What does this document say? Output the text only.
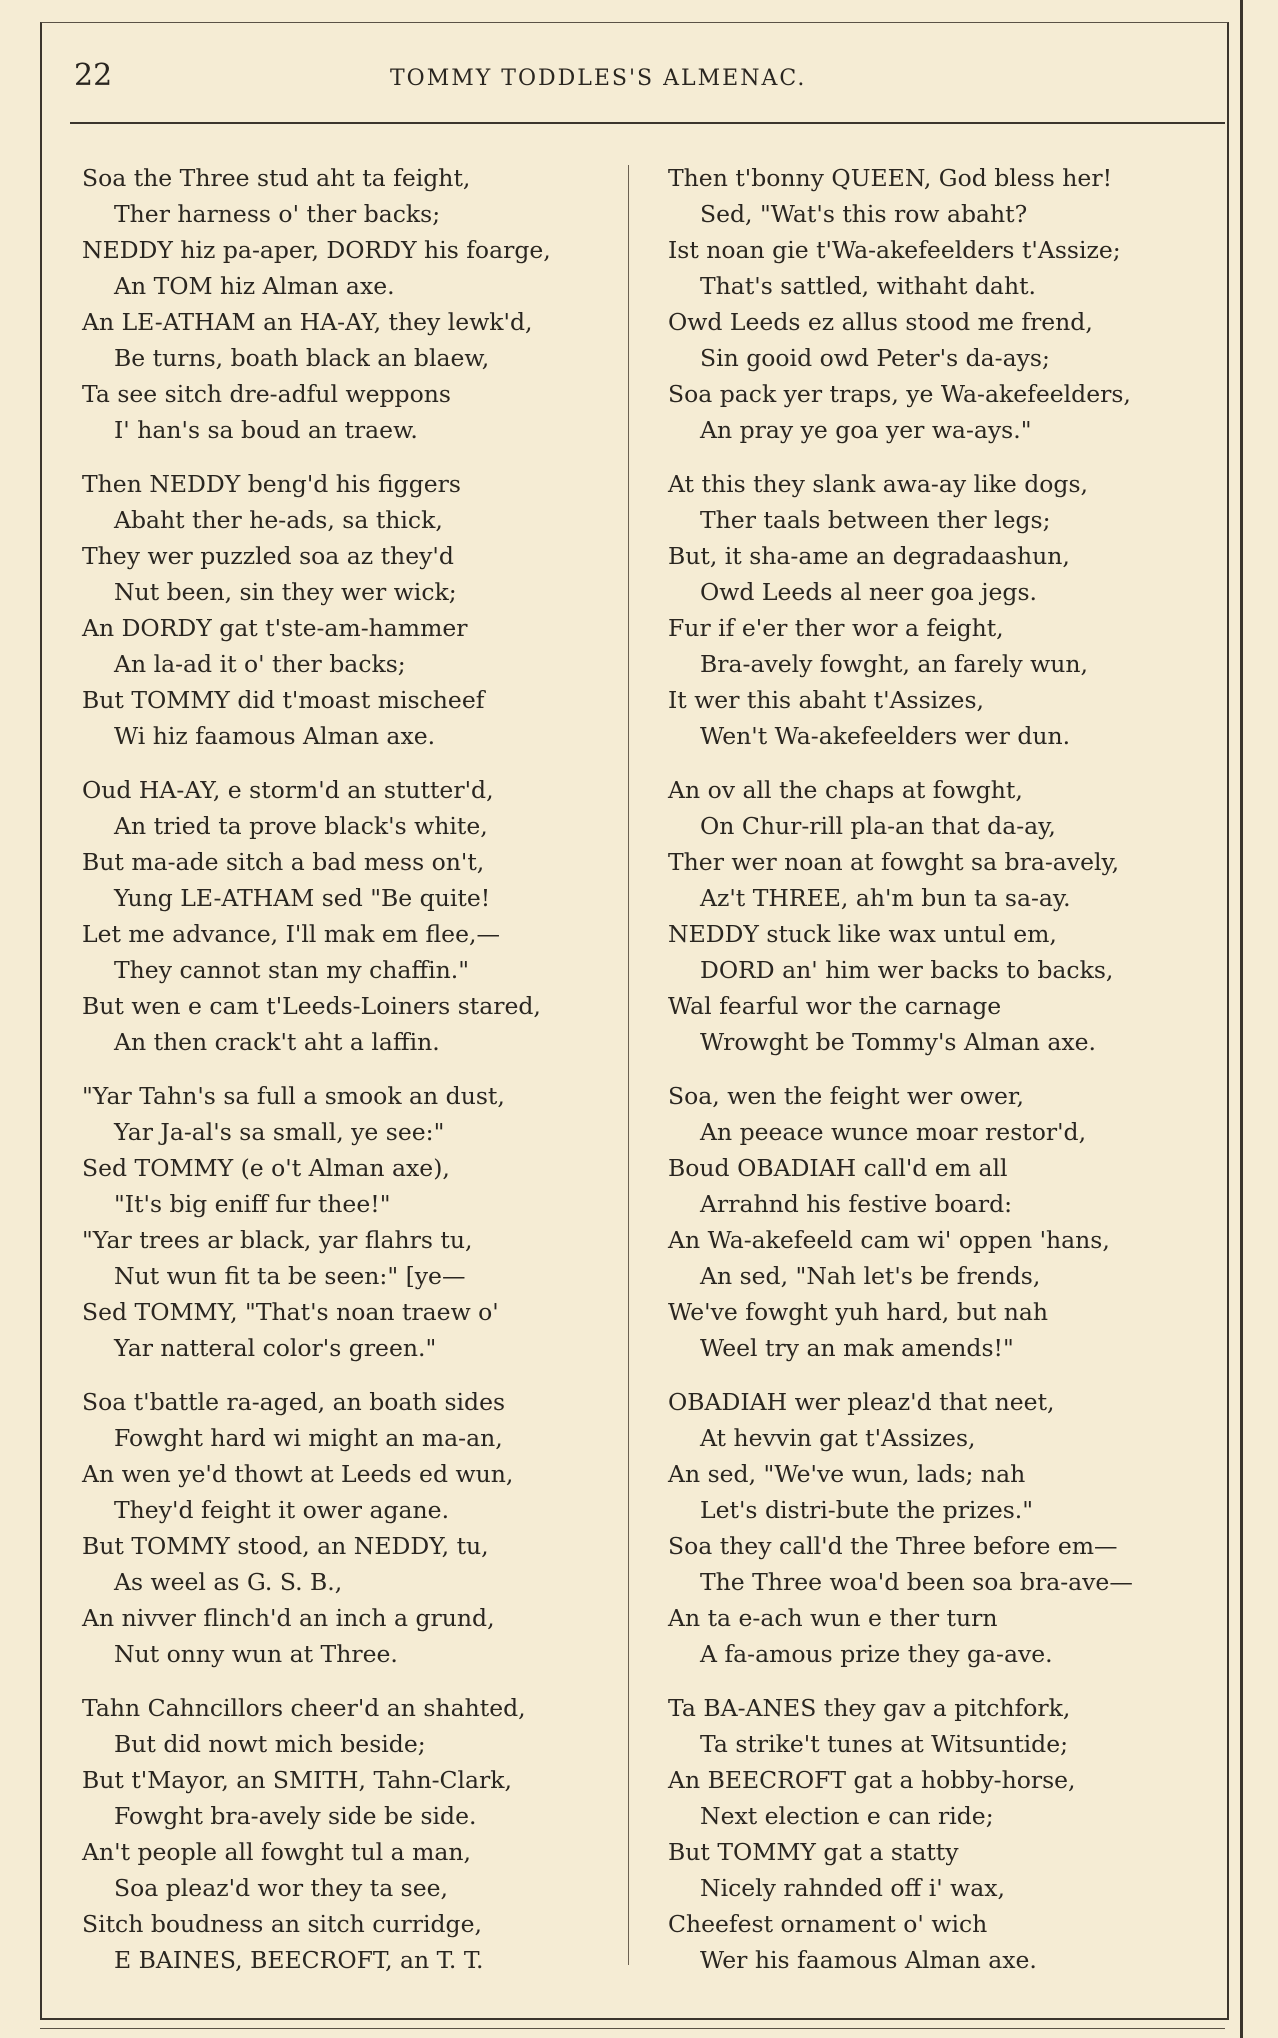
22	TOMMY TODDLES'S ALMENAC.
Soa the Three stud aht ta feight,
Ther harness o' ther backs;
NEDDY hiz pa-aper, DORDY his foarge,
An TOM hiz Alman axe.
An LE-ATHAM an HA-AY, they lewk'd,
Be turns, boath black an blaew,
Ta see sitch dre-adful weppons
I' han's sa boud an traew.
Then NEDDY beng'd his figgers
Abaht ther he-ads, sa thick,
They wer puzzled soa az they'd
Nut been, sin they wer wick;
An DORDY gat t'ste-am-hammer
An la-ad it o' ther backs;
But TOMMY did t'moast mischeef
Wi hiz faamous Alman axe.
Oud HA-AY, e storm'd an stutter'd,
An tried ta prove black's white,
But ma-ade sitch a bad mess on't,
Yung LE-ATHAM sed "Be quite!
Let me advance, I'll mak em flee,—
They cannot stan my chaffin."
But wen e cam t'Leeds-Loiners stared,
An then crack't aht a laffin.
"Yar Tahn's sa full a smook an dust,
Yar Ja-al's sa small, ye see:"
Sed TOMMY (e o't Alman axe),
"It's big eniff fur thee!"
"Yar trees ar black, yar flahrs tu,
Nut wun fit ta be seen:" [ye—
Sed TOMMY, "That's noan traew o'
Yar natteral color's green."
Soa t'battle ra-aged, an boath sides
Fowght hard wi might an ma-an,
An wen ye'd thowt at Leeds ed wun,
They'd feight it ower agane.
But TOMMY stood, an NEDDY, tu,
As weel as G. S. B.,
An nivver flinch'd an inch a grund,
Nut onny wun at Three.
Tahn Cahncillors cheer'd an shahted,
But did nowt mich beside;
But t'Mayor, an SMITH, Tahn-Clark,
Fowght bra-avely side be side.
An't people all fowght tul a man,
Soa pleaz'd wor they ta see,
Sitch boudness an sitch curridge,
E BAINES, BEECROFT, an T. T.
Then t'bonny QUEEN, God bless her!
Sed, "Wat's this row abaht?
Ist noan gie t'Wa-akefeelders t'Assize;
That's sattled, withaht daht.
Owd Leeds ez allus stood me frend,
Sin gooid owd Peter's da-ays;
Soa pack yer traps, ye Wa-akefeelders,
An pray ye goa yer wa-ays."
At this they slank awa-ay like dogs,
Ther taals between ther legs;
But, it sha-ame an degradaashun,
Owd Leeds al neer goa jegs.
Fur if e'er ther wor a feight,
Bra-avely fowght, an farely wun,
It wer this abaht t'Assizes,
Wen't Wa-akefeelders wer dun.
An ov all the chaps at fowght,
On Chur-rill pla-an that da-ay,
Ther wer noan at fowght sa bra-avely,
Az't THREE, ah'm bun ta sa-ay.
NEDDY stuck like wax untul em,
DORD an' him wer backs to backs,
Wal fearful wor the carnage
Wrowght be Tommy's Alman axe.
Soa, wen the feight wer ower,
An peeace wunce moar restor'd,
Boud OBADIAH call'd em all
Arrahnd his festive board:
An Wa-akefeeld cam wi' oppen 'hans,
An sed, "Nah let's be frends,
We've fowght yuh hard, but nah
Weel try an mak amends!"
OBADIAH wer pleaz'd that neet,
At hevvin gat t'Assizes,
An sed, "We've wun, lads; nah
Let's distri-bute the prizes."
Soa they call'd the Three before em—
The Three woa'd been soa bra-ave—
An ta e-ach wun e ther turn
A fa-amous prize they ga-ave.
Ta BA-ANES they gav a pitchfork,
Ta strike't tunes at Witsuntide;
An BEECROFT gat a hobby-horse,
Next election e can ride;
But TOMMY gat a statty
Nicely rahnded off i' wax,
Cheefest ornament o' wich
Wer his faamous Alman axe.
